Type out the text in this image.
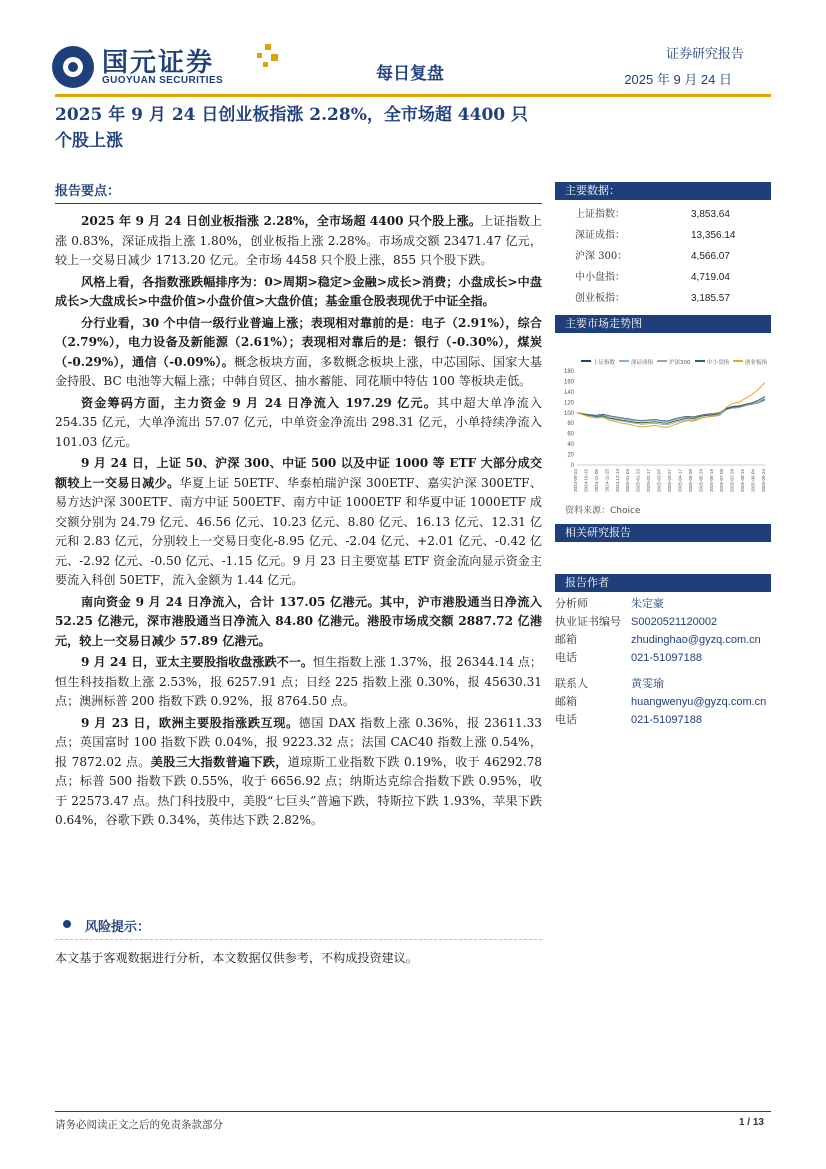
国元证券
GUOYUAN SECURITIES	每日复盘
证券研究报告
2025 年 9 月 24 日
2025 年 9 月 24 日创业板指涨 2.28%，全市场超 4400 只个股上涨
报告要点：

2025 年 9 月 24 日创业板指涨 2.28%，全市场超 4400 只个股上涨。上证指数上涨 0.83%，深证成指上涨 1.80%，创业板指上涨 2.28%。市场成交额 23471.47 亿元，较上一交易日减少 1713.20 亿元。全市场 4458 只个股上涨，855 只个股下跌。

风格上看，各指数涨跌幅排序为：0>周期>稳定>金融>成长>消费；小盘成长>中盘成长>大盘成长>中盘价值>小盘价值>大盘价值；基金重仓股表现优于中证全指。

分行业看，30 个中信一级行业普遍上涨；表现相对靠前的是：电子（2.91%），综合（2.79%），电力设备及新能源（2.61%）；表现相对靠后的是：银行（-0.30%），煤炭（-0.29%），通信（-0.09%）。概念板块方面，多数概念板块上涨，中芯国际、国家大基金持股、BC 电池等大幅上涨；中韩自贸区、抽水蓄能、同花顺中特估 100 等板块走低。

资金筹码方面，主力资金 9 月 24 日净流入 197.29 亿元。其中超大单净流入 254.35 亿元，大单净流出 57.07 亿元，中单资金净流出 298.31 亿元，小单持续净流入 101.03 亿元。

9 月 24 日，上证 50、沪深 300、中证 500 以及中证 1000 等 ETF 大部分成交额较上一交易日减少。华夏上证 50ETF、华泰柏瑞沪深 300ETF、嘉实沪深 300ETF、易方达沪深 300ETF、南方中证 500ETF、南方中证 1000ETF 和华夏中证 1000ETF 成交额分别为 24.79 亿元、46.56 亿元、10.23 亿元、8.80 亿元、16.13 亿元、12.31 亿元和 2.83 亿元，分别较上一交易日变化-8.95 亿元、-2.04 亿元、+2.01 亿元、-0.42 亿元、-2.92 亿元、-0.50 亿元、-1.15 亿元。9 月 23 日主要宽基 ETF 资金流向显示资金主要流入科创 50ETF，流入金额为 1.44 亿元。

南向资金 9 月 24 日净流入，合计 137.05 亿港元。其中，沪市港股通当日净流入 52.25 亿港元，深市港股通当日净流入 84.80 亿港元。港股市场成交额 2887.72 亿港元，较上一交易日减少 57.89 亿港元。

9 月 24 日，亚太主要股指收盘涨跌不一。恒生指数上涨 1.37%，报 26344.14 点；恒生科技指数上涨 2.53%，报 6257.91 点；日经 225 指数上涨 0.30%，报 45630.31 点；澳洲标普 200 指数下跌 0.92%，报 8764.50 点。

9 月 23 日，欧洲主要股指涨跌互现。德国 DAX 指数上涨 0.36%，报 23611.33 点；英国富时 100 指数下跌 0.04%，报 9223.32 点；法国 CAC40 指数上涨 0.54%，报 7872.02 点。美股三大指数普遍下跌，道琼斯工业指数下跌 0.19%，收于 46292.78 点；标普 500 指数下跌 0.55%，收于 6656.92 点；纳斯达克综合指数下跌 0.95%，收于 22573.47 点。热门科技股中，美股“七巨头”普遍下跌，特斯拉下跌 1.93%，苹果下跌 0.64%，谷歌下跌 0.34%，英伟达下跌 2.82%。

风险提示：
本文基于客观数据进行分析，本文数据仅供参考，不构成投资建议。
主要数据：
上证指数：	3,853.64
深证成指：	13,356.14
沪深 300：	4,566.07
中小盘指：	4,719.04
创业板指：	3,185.57
主要市场走势图
上证指数	深证成指	沪深300	中小盘指	创业板指
0
20
40
60
80
100
120
140
160
180
2024-09-24 2024-10-16 2024-11-05 2024-11-25 2024-12-13 2025-01-03 2025-01-23 2025-02-17 2025-03-07 2025-03-27 2025-04-17 2025-05-09 2025-05-29 2025-06-18 2025-07-08 2025-07-28 2025-08-15 2025-09-04 2025-09-24
资料来源：Choice
相关研究报告
报告作者
分析师	朱定豪
执业证书编号 S0020521120002
邮箱	zhudinghao@gyzq.com.cn
电话	021-51097188
联系人	黄雯瑜
邮箱	huangwenyu@gyzq.com.cn
电话	021-51097188
请务必阅读正文之后的免责条款部分	1 / 13
